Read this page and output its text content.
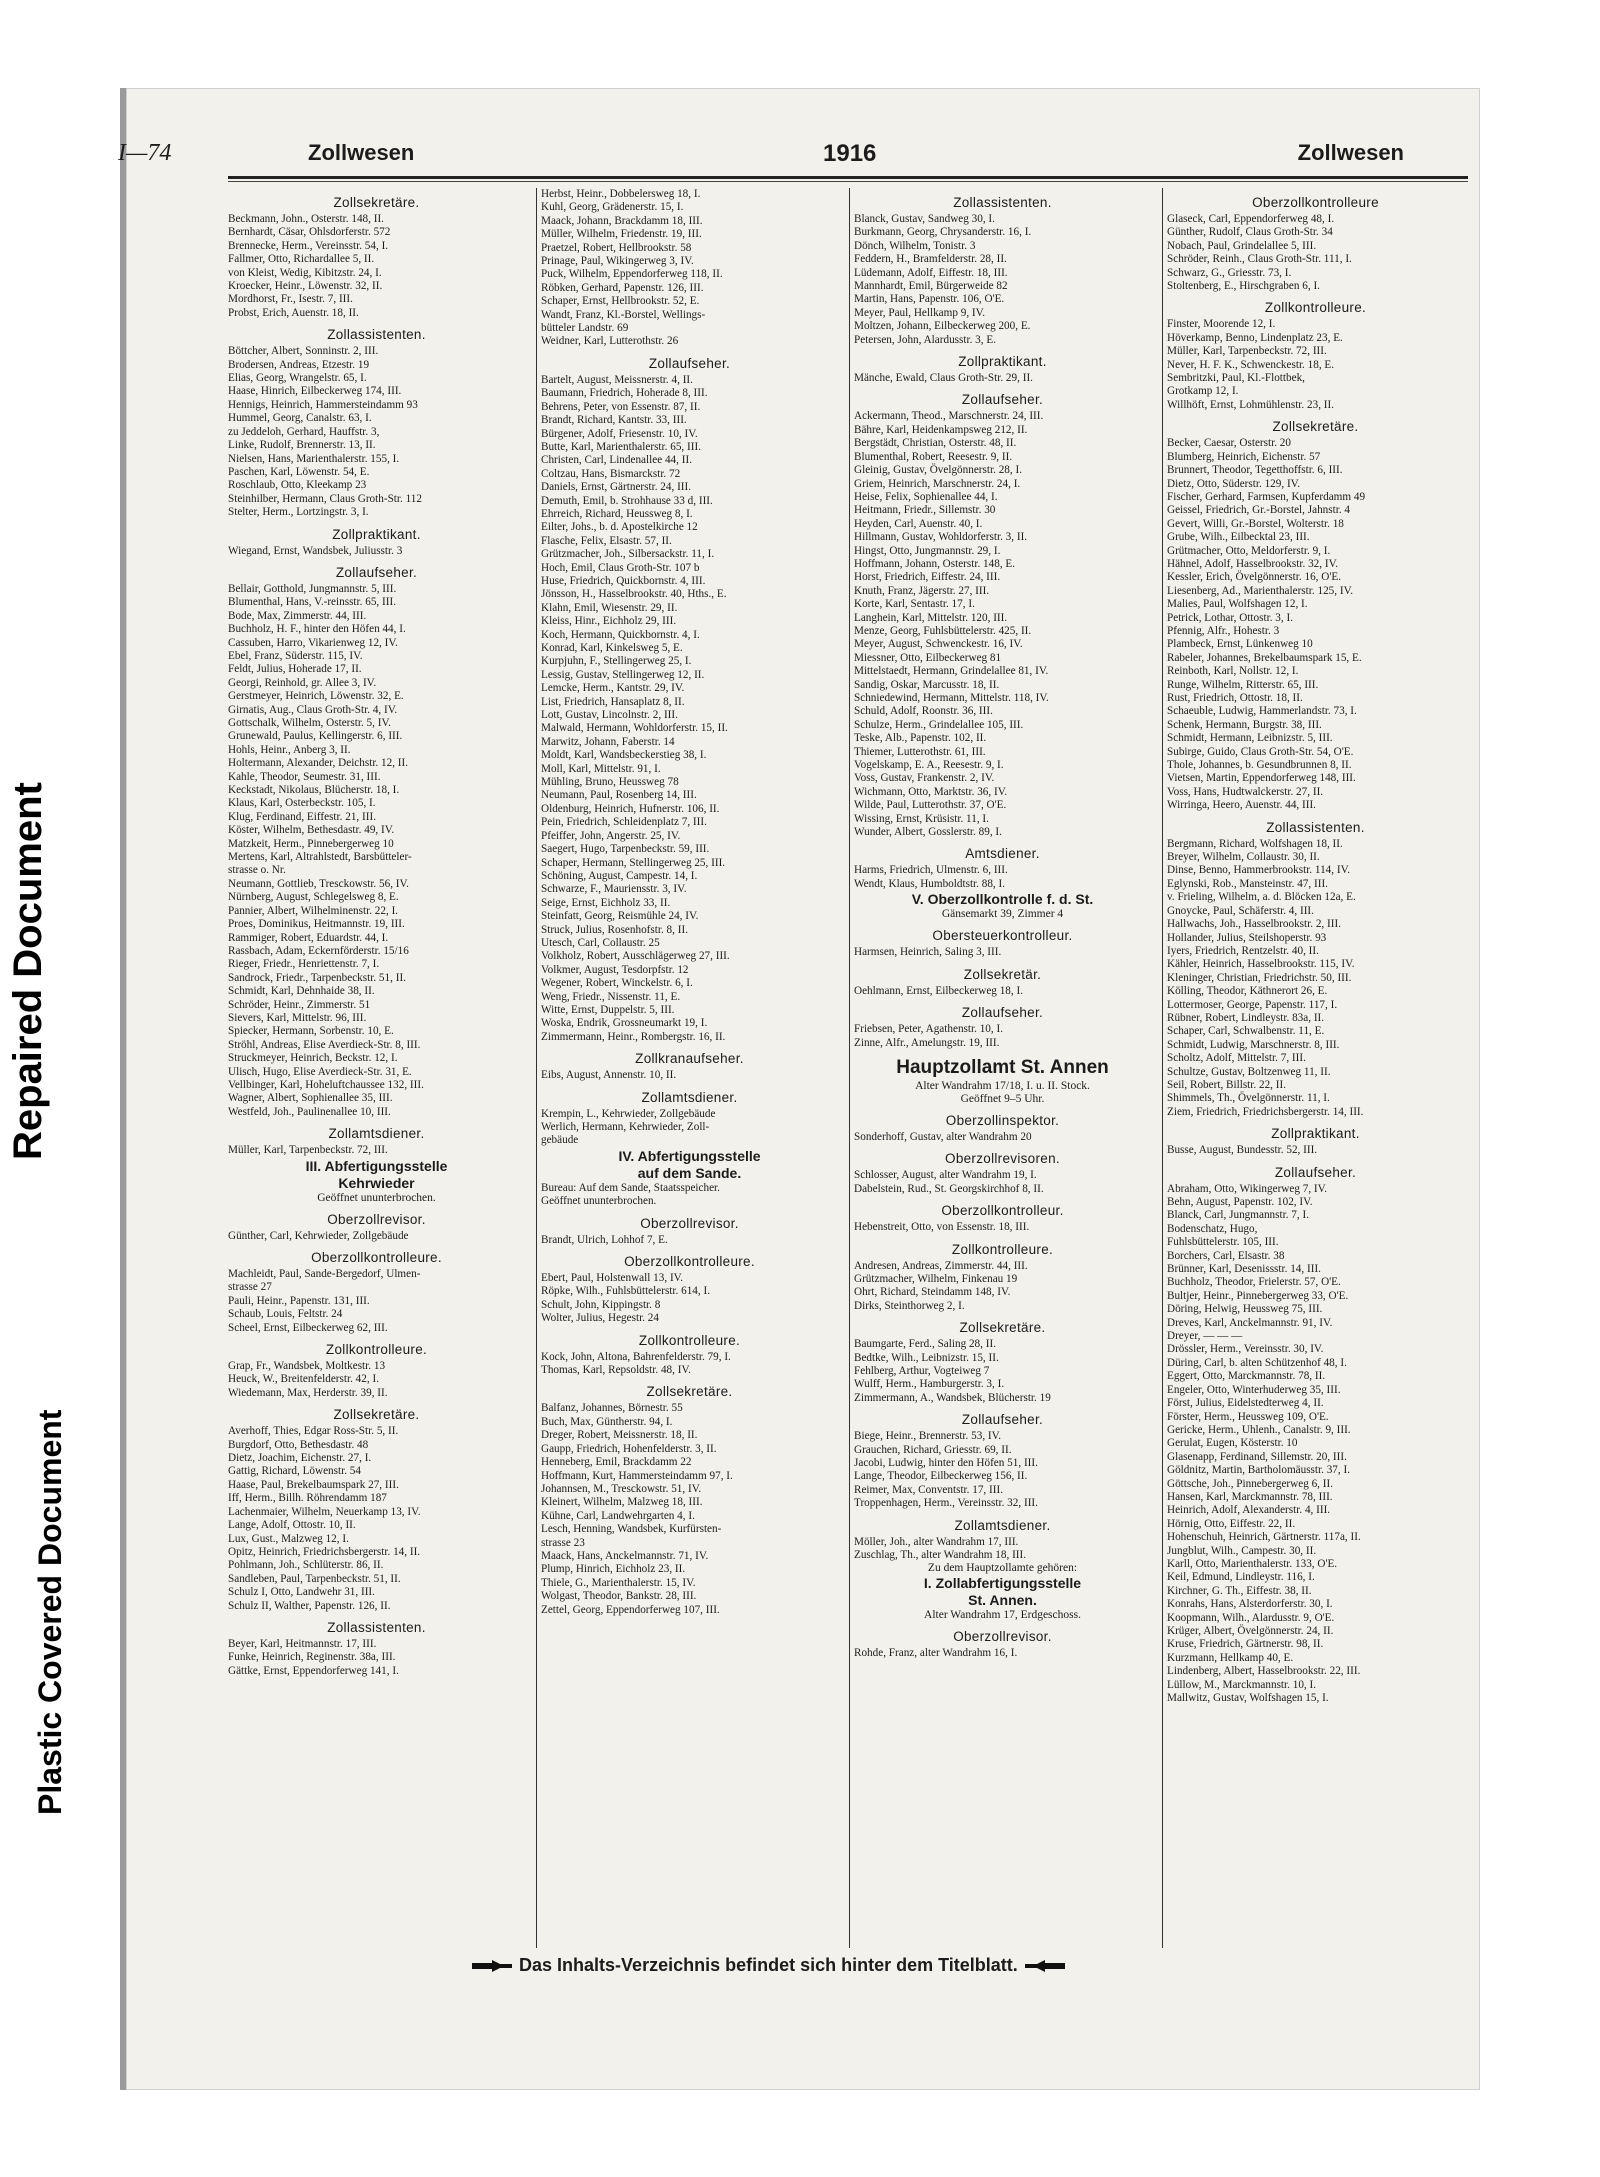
I—74	Zollwesen	1916	Zollwesen
Zollsekretäre.
Beckmann, John., Osterstr. 148, II.
Bernhardt, Cäsar, Ohlsdorferstr. 572
Brennecke, Herm., Vereinsstr. 54, I.
Fallmer, Otto, Richardallee 5, II.
von Kleist, Wedig, Kibitzstr. 24, I.
Kroecker, Heinr., Löwenstr. 32, II.
Mordhorst, Fr., Isestr. 7, III.
Probst, Erich, Auenstr. 18, II.
Zollassistenten.
Böttcher, Albert, Sonninstr. 2, III.
Brodersen, Andreas, Etzestr. 19
Elias, Georg, Wrangelstr. 65, I.
Haase, Hinrich, Eilbeckerweg 174, III.
Hennigs, Heinrich, Hammersteindamm 93
Hummel, Georg, Canalstr. 63, I.
zu Jeddeloh, Gerhard, Hauffstr. 3,
Linke, Rudolf, Brennerstr. 13, II.
Nielsen, Hans, Marienthalerstr. 155, I.
Paschen, Karl, Löwenstr. 54, E.
Roschlaub, Otto, Kleekamp 23
Steinhilber, Hermann, Claus Groth-Str. 112
Stelter, Herm., Lortzingstr. 3, I.
Zollpraktikant.
Wiegand, Ernst, Wandsbek, Juliusstr. 3
Zollaufseher.
Bellair, Gotthold, Jungmannstr. 5, III.
Blumenthal, Hans, V.-reinsstr. 65, III.
Bode, Max, Zimmerstr. 44, III.
Buchholz, H. F., hinter den Höfen 44, I.
Cassuben, Harro, Vikarienweg 12, IV.
Ebel, Franz, Süderstr. 115, IV.
Feldt, Julius, Hoherade 17, II.
Georgi, Reinhold, gr. Allee 3, IV.
Gerstmeyer, Heinrich, Löwenstr. 32, E.
Girnatis, Aug., Claus Groth-Str. 4, IV.
Gottschalk, Wilhelm, Osterstr. 5, IV.
Grunewald, Paulus, Kellingerstr. 6, III.
Hohls, Heinr., Anberg 3, II.
Holtermann, Alexander, Deichstr. 12, II.
Kahle, Theodor, Seumestr. 31, III.
Keckstadt, Nikolaus, Blücherstr. 18, I.
Klaus, Karl, Osterbeckstr. 105, I.
Klug, Ferdinand, Eiffestr. 21, III.
Köster, Wilhelm, Bethesdastr. 49, IV.
Matzkeit, Herm., Pinnebergerweg 10
Mertens, Karl, Altrahlstedt, Barsbütteler-
strasse o. Nr.
Neumann, Gottlieb, Tresckowstr. 56, IV.
Nürnberg, August, Schlegelsweg 8, E.
Pannier, Albert, Wilhelminenstr. 22, I.
Proes, Dominikus, Heitmannstr. 19, III.
Rammiger, Robert, Eduardstr. 44, I.
Rassbach, Adam, Eckernförderstr. 15/16
Rieger, Friedr., Henriettenstr. 7, I.
Sandrock, Friedr., Tarpenbeckstr. 51, II.
Schmidt, Karl, Dehnhaide 38, II.
Schröder, Heinr., Zimmerstr. 51
Sievers, Karl, Mittelstr. 96, III.
Spiecker, Hermann, Sorbenstr. 10, E.
Ströhl, Andreas, Elise Averdieck-Str. 8, III.
Struckmeyer, Heinrich, Beckstr. 12, I.
Ulisch, Hugo, Elise Averdieck-Str. 31, E.
Vellbinger, Karl, Hoheluftchaussee 132, III.
Wagner, Albert, Sophienallee 35, III.
Westfeld, Joh., Paulinenallee 10, III.
Zollamtsdiener.
Müller, Karl, Tarpenbeckstr. 72, III.
III. Abfertigungsstelle
Kehrwieder
Geöffnet ununterbrochen.
Oberzollrevisor.
Günther, Carl, Kehrwieder, Zollgebäude
Oberzollkontrolleure.
Machleidt, Paul, Sande-Bergedorf, Ulmen-
strasse 27
Pauli, Heinr., Papenstr. 131, III.
Schaub, Louis, Feltstr. 24
Scheel, Ernst, Eilbeckerweg 62, III.
Zollkontrolleure.
Grap, Fr., Wandsbek, Moltkestr. 13
Heuck, W., Breitenfelderstr. 42, I.
Wiedemann, Max, Herderstr. 39, II.
Zollsekretäre.
Averhoff, Thies, Edgar Ross-Str. 5, II.
Burgdorf, Otto, Bethesdastr. 48
Dietz, Joachim, Eichenstr. 27, I.
Gattig, Richard, Löwenstr. 54
Haase, Paul, Brekelbaumspark 27, III.
Iff, Herm., Billh. Röhrendamm 187
Lachenmaier, Wilhelm, Neuerkamp 13, IV.
Lange, Adolf, Ottostr. 10, II.
Lux, Gust., Malzweg 12, I.
Opitz, Heinrich, Friedrichsbergerstr. 14, II.
Pohlmann, Joh., Schlüterstr. 86, II.
Sandleben, Paul, Tarpenbeckstr. 51, II.
Schulz I, Otto, Landwehr 31, III.
Schulz II, Walther, Papenstr. 126, II.
Zollassistenten.
Beyer, Karl, Heitmannstr. 17, III.
Funke, Heinrich, Reginenstr. 38a, III.
Gättke, Ernst, Eppendorferweg 141, I.
Herbst, Heinr., Dobbelersweg 18, I.
Kuhl, Georg, Grädenerstr. 15, I.
Maack, Johann, Brackdamm 18, III.
Müller, Wilhelm, Friedenstr. 19, III.
Praetzel, Robert, Hellbrookstr. 58
Prinage, Paul, Wikingerweg 3, IV.
Puck, Wilhelm, Eppendorferweg 118, II.
Röbken, Gerhard, Papenstr. 126, III.
Schaper, Ernst, Hellbrookstr. 52, E.
Wandt, Franz, Kl.-Borstel, Wellings-
bütteler Landstr. 69
Weidner, Karl, Lutterothstr. 26
Zollaufseher.
Bartelt, August, Meissnerstr. 4, II.
Baumann, Friedrich, Hoherade 8, III.
Behrens, Peter, von Essenstr. 87, II.
Brandt, Richard, Kantstr. 33, III.
Bürgener, Adolf, Friesenstr. 10, IV.
Butte, Karl, Marienthalerstr. 65, III.
Christen, Carl, Lindenallee 44, II.
Coltzau, Hans, Bismarckstr. 72
Daniels, Ernst, Gärtnerstr. 24, III.
Demuth, Emil, b. Strohhause 33 d, III.
Ehrreich, Richard, Heussweg 8, I.
Eilter, Johs., b. d. Apostelkirche 12
Flasche, Felix, Elsastr. 57, II.
Grützmacher, Joh., Silbersackstr. 11, I.
Hoch, Emil, Claus Groth-Str. 107 b
Huse, Friedrich, Quickbornstr. 4, III.
Jönsson, H., Hasselbrookstr. 40, Hths., E.
Klahn, Emil, Wiesenstr. 29, II.
Kleiss, Hinr., Eichholz 29, III.
Koch, Hermann, Quickbornstr. 4, I.
Konrad, Karl, Kinkelsweg 5, E.
Kurpjuhn, F., Stellingerweg 25, I.
Lessig, Gustav, Stellingerweg 12, II.
Lemcke, Herm., Kantstr. 29, IV.
List, Friedrich, Hansaplatz 8, II.
Lott, Gustav, Lincolnstr. 2, III.
Malwald, Hermann, Wohldorferstr. 15, II.
Marwitz, Johann, Faberstr. 14
Moldt, Karl, Wandsbeckerstieg 38, I.
Moll, Karl, Mittelstr. 91, I.
Mühling, Bruno, Heussweg 78
Neumann, Paul, Rosenberg 14, III.
Oldenburg, Heinrich, Hufnerstr. 106, II.
Pein, Friedrich, Schleidenplatz 7, III.
Pfeiffer, John, Angerstr. 25, IV.
Saegert, Hugo, Tarpenbeckstr. 59, III.
Schaper, Hermann, Stellingerweg 25, III.
Schöning, August, Campestr. 14, I.
Schwarze, F., Mauriensstr. 3, IV.
Seige, Ernst, Eichholz 33, II.
Steinfatt, Georg, Reismühle 24, IV.
Struck, Julius, Rosenhofstr. 8, II.
Utesch, Carl, Collaustr. 25
Volkholz, Robert, Ausschlägerweg 27, III.
Volkmer, August, Tesdorpfstr. 12
Wegener, Robert, Winckelstr. 6, I.
Weng, Friedr., Nissenstr. 11, E.
Witte, Ernst, Duppelstr. 5, III.
Woska, Endrik, Grossneumarkt 19, I.
Zimmermann, Heinr., Rombergstr. 16, II.
Zollkranaufseher.
Eibs, August, Annenstr. 10, II.
Zollamtsdiener.
Krempin, L., Kehrwieder, Zollgebäude
Werlich, Hermann, Kehrwieder, Zoll-
gebäude
IV. Abfertigungsstelle
auf dem Sande.
Bureau: Auf dem Sande, Staatsspeicher.
Geöffnet ununterbrochen.
Oberzollrevisor.
Brandt, Ulrich, Lohhof 7, E.
Oberzollkontrolleure.
Ebert, Paul, Holstenwall 13, IV.
Röpke, Wilh., Fuhlsbüttelerstr. 614, I.
Schult, John, Kippingstr. 8
Wolter, Julius, Hegestr. 24
Zollkontrolleure.
Kock, John, Altona, Bahrenfelderstr. 79, I.
Thomas, Karl, Repsoldstr. 48, IV.
Zollsekretäre.
Balfanz, Johannes, Börnestr. 55
Buch, Max, Güntherstr. 94, I.
Dreger, Robert, Meissnerstr. 18, II.
Gaupp, Friedrich, Hohenfelderstr. 3, II.
Henneberg, Emil, Brackdamm 22
Hoffmann, Kurt, Hammersteindamm 97, I.
Johannsen, M., Tresckowstr. 51, IV.
Kleinert, Wilhelm, Malzweg 18, III.
Kühne, Carl, Landwehrgarten 4, I.
Lesch, Henning, Wandsbek, Kurfürsten-
strasse 23
Maack, Hans, Anckelmannstr. 71, IV.
Plump, Hinrich, Eichholz 23, II.
Thiele, G., Marienthalerstr. 15, IV.
Wolgast, Theodor, Bankstr. 28, III.
Zettel, Georg, Eppendorferweg 107, III.
Zollassistenten.
Blanck, Gustav, Sandweg 30, I.
Burkmann, Georg, Chrysanderstr. 16, I.
Dönch, Wilhelm, Tonistr. 3
Feddern, H., Bramfelderstr. 28, II.
Lüdemann, Adolf, Eiffestr. 18, III.
Mannhardt, Emil, Bürgerweide 82
Martin, Hans, Papenstr. 106, O'E.
Meyer, Paul, Hellkamp 9, IV.
Moltzen, Johann, Eilbeckerweg 200, E.
Petersen, John, Alardusstr. 3, E.
Zollpraktikant.
Mänche, Ewald, Claus Groth-Str. 29, II.
Zollaufseher.
Ackermann, Theod., Marschnerstr. 24, III.
Bähre, Karl, Heidenkampsweg 212, II.
Bergstädt, Christian, Osterstr. 48, II.
Blumenthal, Robert, Reesestr. 9, II.
Gleinig, Gustav, Övelgönnerstr. 28, I.
Griem, Heinrich, Marschnerstr. 24, I.
Heise, Felix, Sophienallee 44, I.
Heitmann, Friedr., Sillemstr. 30
Heyden, Carl, Auenstr. 40, I.
Hillmann, Gustav, Wohldorferstr. 3, II.
Hingst, Otto, Jungmannstr. 29, I.
Hoffmann, Johann, Osterstr. 148, E.
Horst, Friedrich, Eiffestr. 24, III.
Knuth, Franz, Jägerstr. 27, III.
Korte, Karl, Sentastr. 17, I.
Langhein, Karl, Mittelstr. 120, III.
Menze, Georg, Fuhlsbüttelerstr. 425, II.
Meyer, August, Schwenckestr. 16, IV.
Miessner, Otto, Eilbeckerweg 81
Mittelstaedt, Hermann, Grindelallee 81, IV.
Sandig, Oskar, Marcusstr. 18, II.
Schniedewind, Hermann, Mittelstr. 118, IV.
Schuld, Adolf, Roonstr. 36, III.
Schulze, Herm., Grindelallee 105, III.
Teske, Alb., Papenstr. 102, II.
Thiemer, Lutterothstr. 61, III.
Vogelskamp, E. A., Reesestr. 9, I.
Voss, Gustav, Frankenstr. 2, IV.
Wichmann, Otto, Marktstr. 36, IV.
Wilde, Paul, Lutterothstr. 37, O'E.
Wissing, Ernst, Krüsistr. 11, I.
Wunder, Albert, Gosslerstr. 89, I.
Amtsdiener.
Harms, Friedrich, Ulmenstr. 6, III.
Wendt, Klaus, Humboldtstr. 88, I.
V. Oberzollkontrolle f. d. St.
Gänsemarkt 39, Zimmer 4
Obersteuerkontrolleur.
Harmsen, Heinrich, Saling 3, III.
Zollsekretär.
Oehlmann, Ernst, Eilbeckerweg 18, I.
Zollaufseher.
Friebsen, Peter, Agathenstr. 10, I.
Zinne, Alfr., Amelungstr. 19, III.
Hauptzollamt St. Annen
Alter Wandrahm 17/18, I. u. II. Stock.
Geöffnet 9–5 Uhr.
Oberzollinspektor.
Sonderhoff, Gustav, alter Wandrahm 20
Oberzollrevisoren.
Schlosser, August, alter Wandrahm 19, I.
Dabelstein, Rud., St. Georgskirchhof 8, II.
Oberzollkontrolleur.
Hebenstreit, Otto, von Essenstr. 18, III.
Zollkontrolleure.
Andresen, Andreas, Zimmerstr. 44, III.
Grützmacher, Wilhelm, Finkenau 19
Ohrt, Richard, Steindamm 148, IV.
Dirks, Steinthorweg 2, I.
Zollsekretäre.
Baumgarte, Ferd., Saling 28, II.
Bedtke, Wilh., Leibnizstr. 15, II.
Fehlberg, Arthur, Vogteiweg 7
Wulff, Herm., Hamburgerstr. 3, I.
Zimmermann, A., Wandsbek, Blücherstr. 19
Zollaufseher.
Biege, Heinr., Brennerstr. 53, IV.
Grauchen, Richard, Griesstr. 69, II.
Jacobi, Ludwig, hinter den Höfen 51, III.
Lange, Theodor, Eilbeckerweg 156, II.
Reimer, Max, Conventstr. 17, III.
Troppenhagen, Herm., Vereinsstr. 32, III.
Zollamtsdiener.
Möller, Joh., alter Wandrahm 17, III.
Zuschlag, Th., alter Wandrahm 18, III.
Zu dem Hauptzollamte gehören:
I. Zollabfertigungsstelle
St. Annen.
Alter Wandrahm 17, Erdgeschoss.
Oberzollrevisor.
Rohde, Franz, alter Wandrahm 16, I.
Oberzollkontrolleure
Glaseck, Carl, Eppendorferweg 48, I.
Günther, Rudolf, Claus Groth-Str. 34
Nobach, Paul, Grindelallee 5, III.
Schröder, Reinh., Claus Groth-Str. 111, I.
Schwarz, G., Griesstr. 73, I.
Stoltenberg, E., Hirschgraben 6, I.
Zollkontrolleure.
Finster, Moorende 12, I.
Höverkamp, Benno, Lindenplatz 23, E.
Müller, Karl, Tarpenbeckstr. 72, III.
Never, H. F. K., Schwenckestr. 18, E.
Sembritzki, Paul, Kl.-Flottbek,
Grotkamp 12, I.
Willhöft, Ernst, Lohmühlenstr. 23, II.
Zollsekretäre.
Becker, Caesar, Osterstr. 20
Blumberg, Heinrich, Eichenstr. 57
Brunnert, Theodor, Tegetthoffstr. 6, III.
Dietz, Otto, Süderstr. 129, IV.
Fischer, Gerhard, Farmsen, Kupferdamm 49
Geissel, Friedrich, Gr.-Borstel, Jahnstr. 4
Gevert, Willi, Gr.-Borstel, Wolterstr. 18
Grube, Wilh., Eilbecktal 23, III.
Grütmacher, Otto, Meldorferstr. 9, I.
Hähnel, Adolf, Hasselbrookstr. 32, IV.
Kessler, Erich, Övelgönnerstr. 16, O'E.
Liesenberg, Ad., Marienthalerstr. 125, IV.
Malies, Paul, Wolfshagen 12, I.
Petrick, Lothar, Ottostr. 3, I.
Pfennig, Alfr., Hohestr. 3
Plambeck, Ernst, Lünkenweg 10
Rabeler, Johannes, Brekelbaumspark 15, E.
Reinboth, Karl, Nollstr. 12, I.
Runge, Wilhelm, Ritterstr. 65, III.
Rust, Friedrich, Ottostr. 18, II.
Schaeuble, Ludwig, Hammerlandstr. 73, I.
Schenk, Hermann, Burgstr. 38, III.
Schmidt, Hermann, Leibnizstr. 5, III.
Subirge, Guido, Claus Groth-Str. 54, O'E.
Thole, Johannes, b. Gesundbrunnen 8, II.
Vietsen, Martin, Eppendorferweg 148, III.
Voss, Hans, Hudtwalckerstr. 27, II.
Wirringa, Heero, Auenstr. 44, III.
Zollassistenten.
Bergmann, Richard, Wolfshagen 18, II.
Breyer, Wilhelm, Collaustr. 30, II.
Dinse, Benno, Hammerbrookstr. 114, IV.
Eglynski, Rob., Mansteinstr. 47, III.
v. Frieling, Wilhelm, a. d. Blöcken 12a, E.
Gnoycke, Paul, Schäferstr. 4, III.
Hallwachs, Joh., Hasselbrookstr. 2, III.
Hollander, Julius, Steilshoperstr. 93
Iyers, Friedrich, Rentzelstr. 40, II.
Kähler, Heinrich, Hasselbrookstr. 115, IV.
Kleninger, Christian, Friedrichstr. 50, III.
Kölling, Theodor, Käthnerort 26, E.
Lottermoser, George, Papenstr. 117, I.
Rübner, Robert, Lindleystr. 83a, II.
Schaper, Carl, Schwalbenstr. 11, E.
Schmidt, Ludwig, Marschnerstr. 8, III.
Scholtz, Adolf, Mittelstr. 7, III.
Schultze, Gustav, Boltzenweg 11, II.
Seil, Robert, Billstr. 22, II.
Shimmels, Th., Övelgönnerstr. 11, I.
Ziem, Friedrich, Friedrichsbergerstr. 14, III.
Zollpraktikant.
Busse, August, Bundesstr. 52, III.
Zollaufseher.
Abraham, Otto, Wikingerweg 7, IV.
Behn, August, Papenstr. 102, IV.
Blanck, Carl, Jungmannstr. 7, I.
Bodenschatz, Hugo,
Fuhlsbüttelerstr. 105, III.
Borchers, Carl, Elsastr. 38
Brünner, Karl, Desenissstr. 14, III.
Buchholz, Theodor, Frielerstr. 57, O'E.
Bultjer, Heinr., Pinnebergerweg 33, O'E.
Döring, Helwig, Heussweg 75, III.
Dreves, Karl, Anckelmannstr. 91, IV.
Dreyer, — — —
Drössler, Herm., Vereinsstr. 30, IV.
Düring, Carl, b. alten Schützenhof 48, I.
Eggert, Otto, Marckmannstr. 78, II.
Engeler, Otto, Winterhuderweg 35, III.
Först, Julius, Eidelstedterweg 4, II.
Förster, Herm., Heussweg 109, O'E.
Gericke, Herm., Uhlenh., Canalstr. 9, III.
Gerulat, Eugen, Kösterstr. 10
Glasenapp, Ferdinand, Sillemstr. 20, III.
Göldnitz, Martin, Bartholomäusstr. 37, I.
Göttsche, Joh., Pinnebergerweg 6, II.
Hansen, Karl, Marckmannstr. 78, III.
Heinrich, Adolf, Alexanderstr. 4, III.
Hörnig, Otto, Eiffestr. 22, II.
Hohenschuh, Heinrich, Gärtnerstr. 117a, II.
Jungblut, Wilh., Campestr. 30, II.
Karll, Otto, Marienthalerstr. 133, O'E.
Keil, Edmund, Lindleystr. 116, I.
Kirchner, G. Th., Eiffestr. 38, II.
Konrahs, Hans, Alsterdorferstr. 30, I.
Koopmann, Wilh., Alardusstr. 9, O'E.
Krüger, Albert, Övelgönnerstr. 24, II.
Kruse, Friedrich, Gärtnerstr. 98, II.
Kurzmann, Hellkamp 40, E.
Lindenberg, Albert, Hasselbrookstr. 22, III.
Lüllow, M., Marckmannstr. 10, I.
Mallwitz, Gustav, Wolfshagen 15, I.
Das Inhalts-Verzeichnis befindet sich hinter dem Titelblatt.
Repaired Document
Plastic Covered Document
